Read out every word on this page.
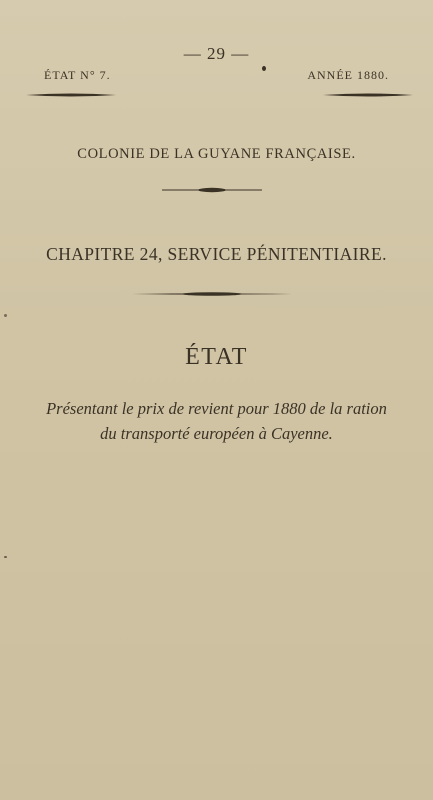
— 29 —
ÉTAT N° 7.	ANNÉE 1880.
COLONIE DE LA GUYANE FRANÇAISE.
CHAPITRE 24, SERVICE PÉNITENTIAIRE.
ÉTAT
Présentant le prix de revient pour 1880 de la ration du transporté européen à Cayenne.
